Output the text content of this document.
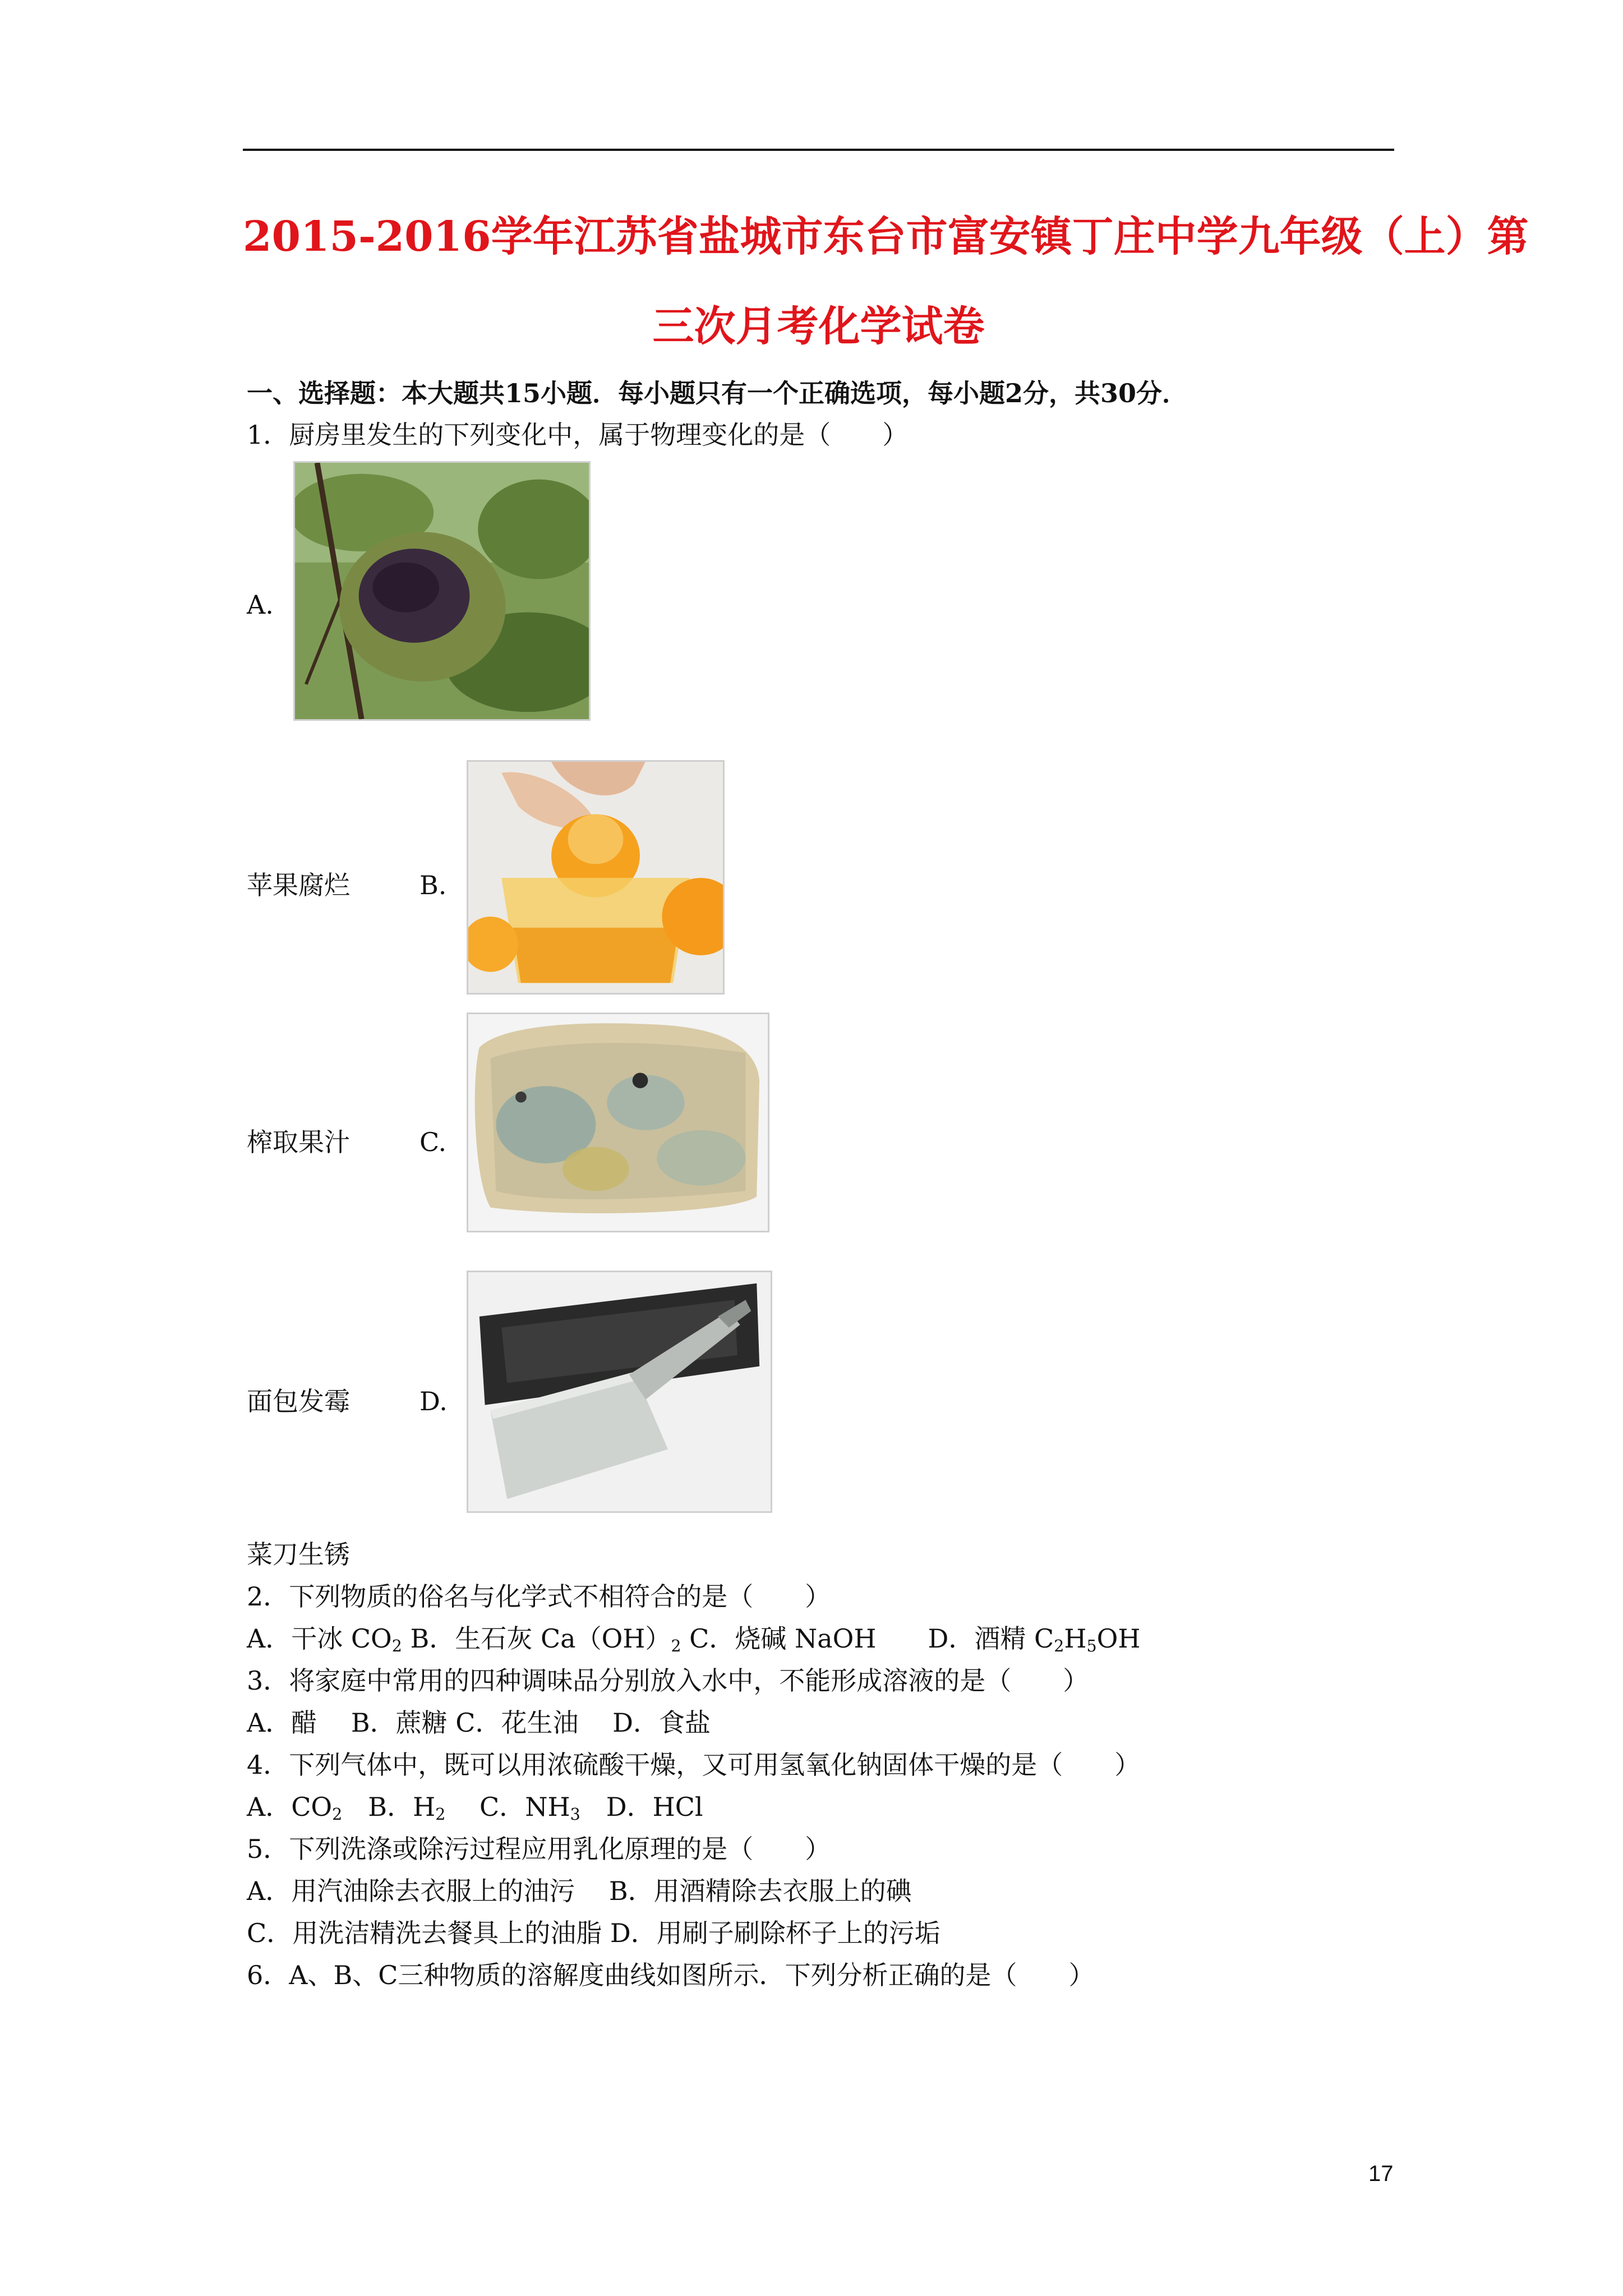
2015-2016学年江苏省盐城市东台市富安镇丁庄中学九年级（上）第
三次月考化学试卷
一、选择题：本大题共15小题．每小题只有一个正确选项，每小题2分，共30分．
1．厨房里发生的下列变化中，属于物理变化的是（　　）
A.
苹果腐烂	B.
榨取果汁	C.
面包发霉	D.
菜刀生锈
2．下列物质的俗名与化学式不相符合的是（　　）
A．干冰 $CO_2$ B．生石灰 $Ca(OH)_2$ C．烧碱 NaOH　　D．酒精 $C_2H_5OH$
3．将家庭中常用的四种调味品分别放入水中，不能形成溶液的是（　　）
A．醋　 B．蔗糖 C．花生油　 D．食盐
4．下列气体中，既可以用浓硫酸干燥，又可用氢氧化钠固体干燥的是（　　）
A．$CO_2$　B．$H_2$　 C．$NH_3$　D．HCl
5．下列洗涤或除污过程应用乳化原理的是（　　）
A．用汽油除去衣服上的油污　 B．用酒精除去衣服上的碘
C．用洗洁精洗去餐具上的油脂 D．用刷子刷除杯子上的污垢
6．A、B、C三种物质的溶解度曲线如图所示．下列分析正确的是（　　）
17
